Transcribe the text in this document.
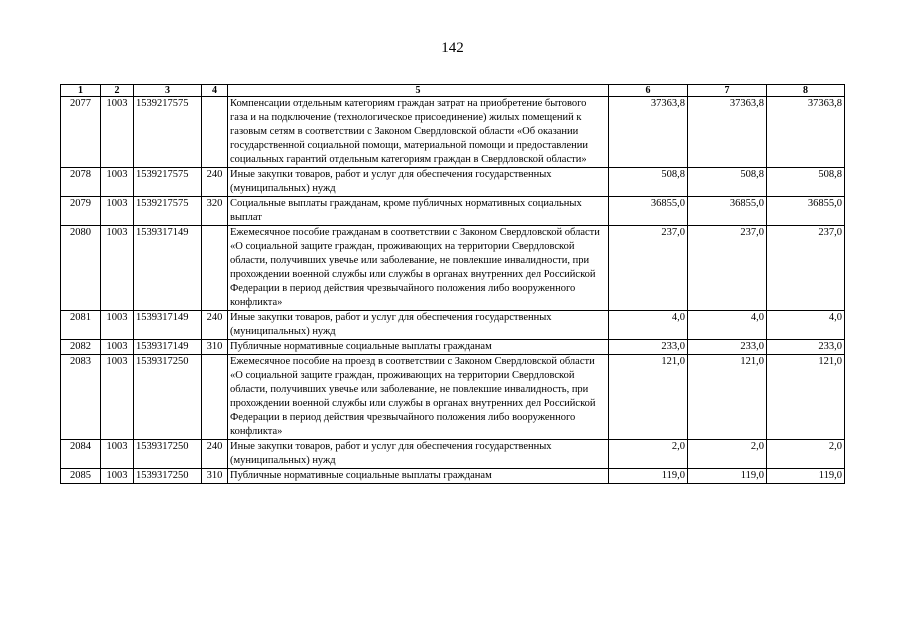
142
1	2	3	4	5	6	7	8
2077	1003	1539217575		Компенсации отдельным категориям граждан затрат на приобретение бытового газа и на подключение (технологическое присоединение) жилых помещений к газовым сетям в соответствии с Законом Свердловской области «Об оказании государственной социальной помощи, материальной помощи и предоставлении социальных гарантий отдельным категориям граждан в Свердловской области»	37363,8	37363,8	37363,8
2078	1003	1539217575	240	Иные закупки товаров, работ и услуг для обеспечения государственных (муниципальных) нужд	508,8	508,8	508,8
2079	1003	1539217575	320	Социальные выплаты гражданам, кроме публичных нормативных социальных выплат	36855,0	36855,0	36855,0
2080	1003	1539317149		Ежемесячное пособие гражданам в соответствии с Законом Свердловской области «О социальной защите граждан, проживающих на территории Свердловской области, получивших увечье или заболевание, не повлекшие инвалидности, при прохождении военной службы или службы в органах внутренних дел Российской Федерации в период действия чрезвычайного положения либо вооруженного конфликта»	237,0	237,0	237,0
2081	1003	1539317149	240	Иные закупки товаров, работ и услуг для обеспечения государственных (муниципальных) нужд	4,0	4,0	4,0
2082	1003	1539317149	310	Публичные нормативные социальные выплаты гражданам	233,0	233,0	233,0
2083	1003	1539317250		Ежемесячное пособие на проезд в соответствии с Законом Свердловской области «О социальной защите граждан, проживающих на территории Свердловской области, получивших увечье или заболевание, не повлекшие инвалидность, при прохождении военной службы или службы в органах внутренних дел Российской Федерации в период действия чрезвычайного положения либо вооруженного конфликта»	121,0	121,0	121,0
2084	1003	1539317250	240	Иные закупки товаров, работ и услуг для обеспечения государственных (муниципальных) нужд	2,0	2,0	2,0
2085	1003	1539317250	310	Публичные нормативные социальные выплаты гражданам	119,0	119,0	119,0
